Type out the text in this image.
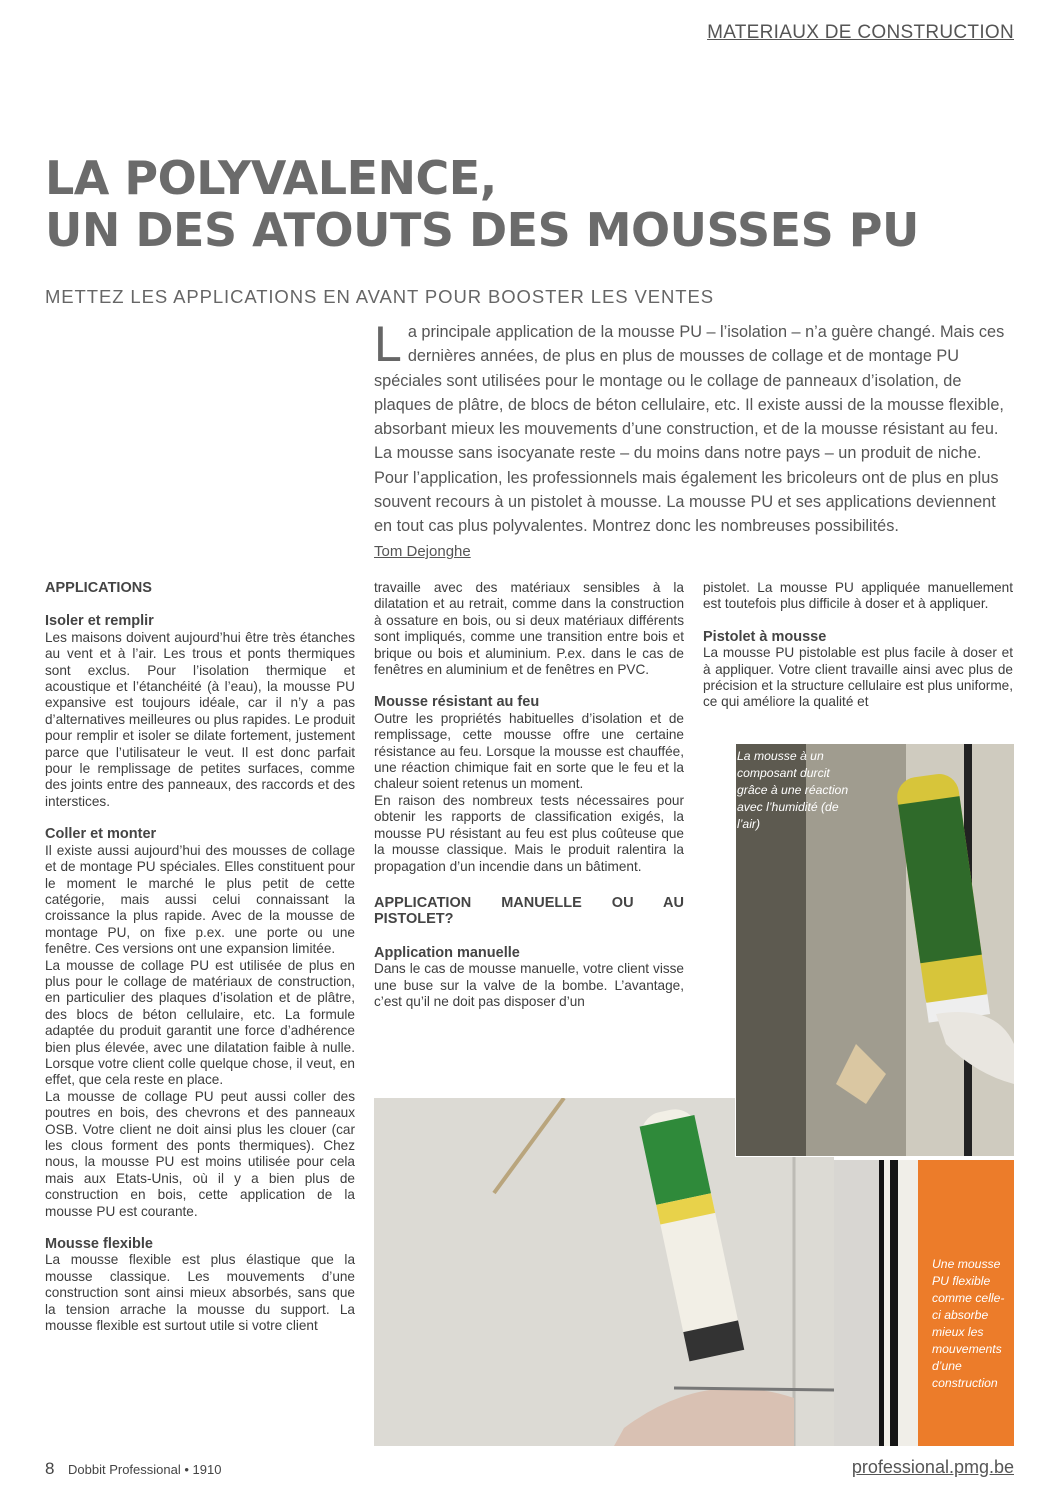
MATERIAUX DE CONSTRUCTION
LA POLYVALENCE,
UN DES ATOUTS DES MOUSSES PU
METTEZ LES APPLICATIONS EN AVANT POUR BOOSTER LES VENTES
La principale application de la mousse PU – l’isolation – n’a guère changé. Mais ces dernières années, de plus en plus de mousses de collage et de montage PU spéciales sont utilisées pour le montage ou le collage de panneaux d’isolation, de plaques de plâtre, de blocs de béton cellulaire, etc. Il existe aussi de la mousse flexible, absorbant mieux les mouvements d’une construction, et de la mousse résistant au feu. La mousse sans isocyanate reste – du moins dans notre pays – un produit de niche. Pour l’application, les professionnels mais également les bricoleurs ont de plus en plus souvent recours à un pistolet à mousse. La mousse PU et ses applications deviennent en tout cas plus polyvalentes. Montrez donc les nombreuses possibilités.
Tom Dejonghe
APPLICATIONS
Isoler et remplir

Les maisons doivent aujourd’hui être très étanches au vent et à l’air. Les trous et ponts thermiques sont exclus. Pour l’isolation thermique et acoustique et l’étanchéité (à l’eau), la mousse PU expansive est toujours idéale, car il n’y a pas d’alternatives meilleures ou plus rapides. Le produit pour remplir et isoler se dilate fortement, justement parce que l’utilisateur le veut. Il est donc parfait pour le remplissage de petites surfaces, comme des joints entre des panneaux, des raccords et des interstices.

Coller et monter

Il existe aussi aujourd’hui des mousses de collage et de montage PU spéciales. Elles constituent pour le moment le marché le plus petit de cette catégorie, mais aussi celui connaissant la croissance la plus rapide. Avec de la mousse de montage PU, on fixe p.ex. une porte ou une fenêtre. Ces versions ont une expansion limitée.

La mousse de collage PU est utilisée de plus en plus pour le collage de matériaux de construction, en particulier des plaques d’isolation et de plâtre, des blocs de béton cellulaire, etc. La formule adaptée du produit garantit une force d’adhérence bien plus élevée, avec une dilatation faible à nulle. Lorsque votre client colle quelque chose, il veut, en effet, que cela reste en place.

La mousse de collage PU peut aussi coller des poutres en bois, des chevrons et des panneaux OSB. Votre client ne doit ainsi plus les clouer (car les clous forment des ponts thermiques). Chez nous, la mousse PU est moins utilisée pour cela mais aux Etats-Unis, où il y a bien plus de construction en bois, cette application de la mousse PU est courante.

Mousse flexible

La mousse flexible est plus élastique que la mousse classique. Les mouvements d’une construction sont ainsi mieux absorbés, sans que la tension arrache la mousse du support. La mousse flexible est surtout utile si votre client

travaille avec des matériaux sensibles à la dilatation et au retrait, comme dans la construction à ossature en bois, ou si deux matériaux différents sont impliqués, comme une transition entre bois et brique ou bois et aluminium. P.ex. dans le cas de fenêtres en aluminium et de fenêtres en PVC.

Mousse résistant au feu

Outre les propriétés habituelles d’isolation et de remplissage, cette mousse offre une certaine résistance au feu. Lorsque la mousse est chauffée, une réaction chimique fait en sorte que le feu et la chaleur soient retenus un moment.

En raison des nombreux tests nécessaires pour obtenir les rapports de classification exigés, la mousse PU résistant au feu est plus coûteuse que la mousse classique. Mais le produit ralentira la propagation d’un incendie dans un bâtiment.

APPLICATION MANUELLE OU AU PISTOLET?
Application manuelle

Dans le cas de mousse manuelle, votre client visse une buse sur la valve de la bombe. L’avantage, c’est qu’il ne doit pas disposer d’un

pistolet. La mousse PU appliquée manuellement est toutefois plus difficile à doser et à appliquer.

Pistolet à mousse

La mousse PU pistolable est plus facile à doser et à appliquer. Votre client travaille ainsi avec plus de précision et la structure cellulaire est plus uniforme, ce qui améliore la qualité et

La mousse à un composant durcit grâce à une réaction avec l’humidité (de l’air)
Une mousse PU flexible comme celle-ci absorbe mieux les mouvements d’une construction
8 Dobbit Professional • 1910	professional.pmg.be
